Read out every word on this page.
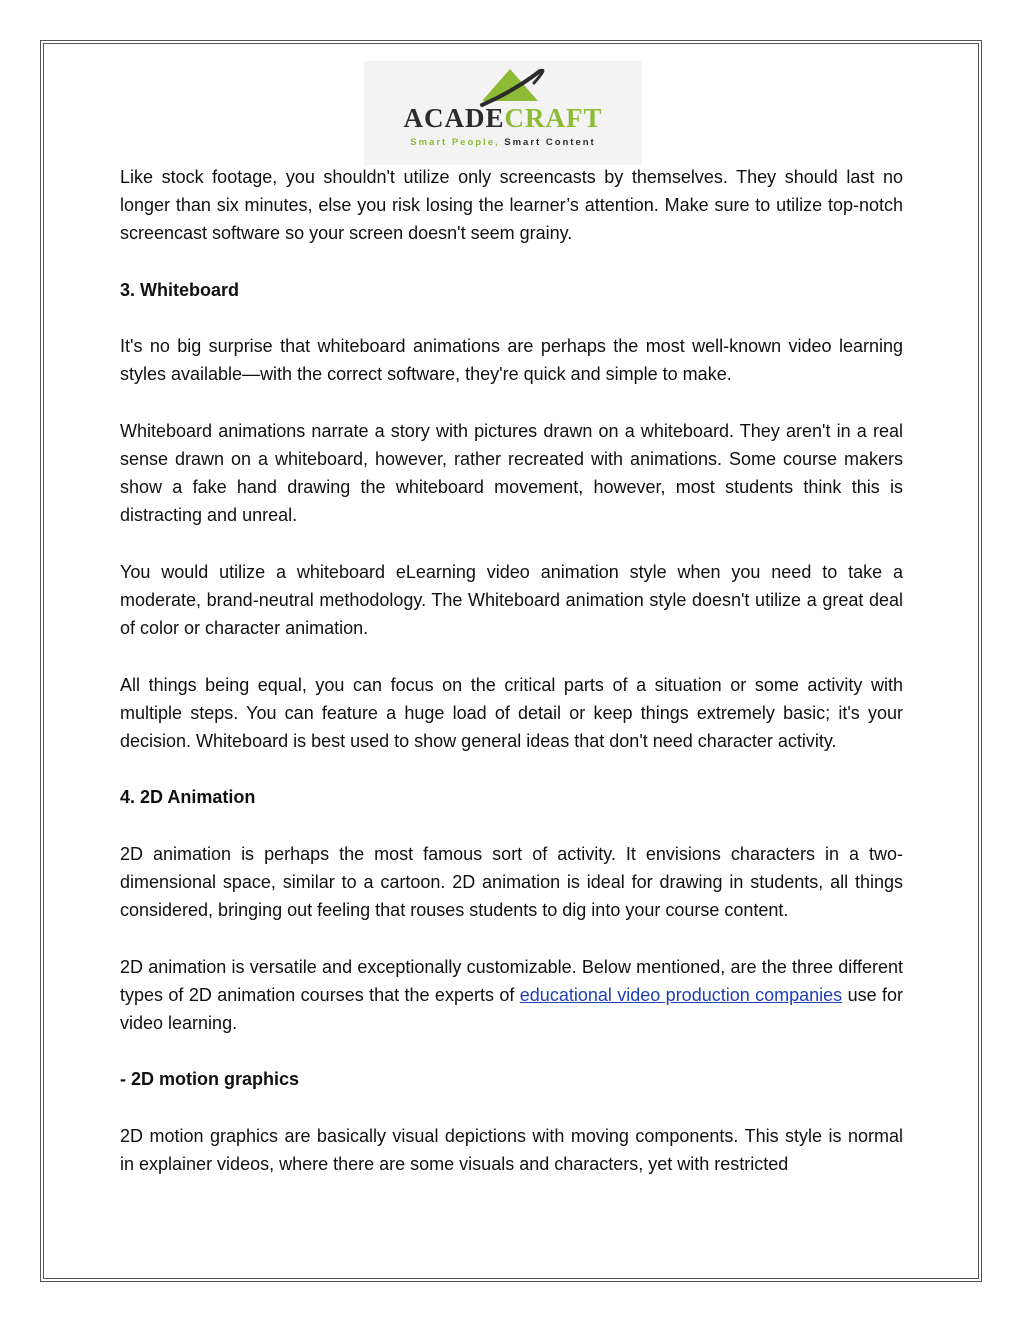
ACADECRAFT
Smart People, Smart Content

Like stock footage, you shouldn't utilize only screencasts by themselves. They should last no longer than six minutes, else you risk losing the learner’s attention. Make sure to utilize top-notch screencast software so your screen doesn't seem grainy.

3. Whiteboard

It's no big surprise that whiteboard animations are perhaps the most well-known video learning styles available—with the correct software, they're quick and simple to make.

Whiteboard animations narrate a story with pictures drawn on a whiteboard. They aren't in a real sense drawn on a whiteboard, however, rather recreated with animations. Some course makers show a fake hand drawing the whiteboard movement, however, most students think this is distracting and unreal.

You would utilize a whiteboard eLearning video animation style when you need to take a moderate, brand-neutral methodology. The Whiteboard animation style doesn't utilize a great deal of color or character animation.

All things being equal, you can focus on the critical parts of a situation or some activity with multiple steps. You can feature a huge load of detail or keep things extremely basic; it's your decision. Whiteboard is best used to show general ideas that don't need character activity.

4. 2D Animation

2D animation is perhaps the most famous sort of activity. It envisions characters in a two-dimensional space, similar to a cartoon. 2D animation is ideal for drawing in students, all things considered, bringing out feeling that rouses students to dig into your course content.

2D animation is versatile and exceptionally customizable. Below mentioned, are the three different types of 2D animation courses that the experts of educational video production companies use for video learning.

- 2D motion graphics

2D motion graphics are basically visual depictions with moving components. This style is normal in explainer videos, where there are some visuals and characters, yet with restricted
